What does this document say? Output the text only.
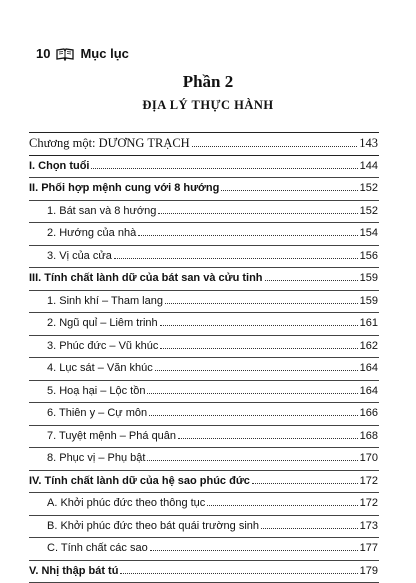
10 Mục lục
Phần 2
ĐỊA LÝ THỰC HÀNH
Chương một: DƯƠNG TRẠCH	143
I. Chọn tuổi	144
II. Phối hợp mệnh cung với 8 hướng	152
1. Bát san và 8 hướng	152
2. Hướng của nhà	154
3. Vị của cửa	156
III. Tính chất lành dữ của bát san và cửu tinh	159
1. Sinh khí – Tham lang	159
2. Ngũ quỉ – Liêm trinh	161
3. Phúc đức – Vũ khúc	162
4. Lục sát – Văn khúc	164
5. Hoạ hại – Lộc tồn	164
6. Thiên y – Cự môn	166
7. Tuyệt mệnh – Phá quân	168
8. Phục vị – Phụ bật	170
IV. Tính chất lành dữ của hệ sao phúc đức	172
A. Khởi phúc đức theo thông tục	172
B. Khởi phúc đức theo bát quái trường sinh	173
C. Tính chất các sao	177
V. Nhị thập bát tú	179
